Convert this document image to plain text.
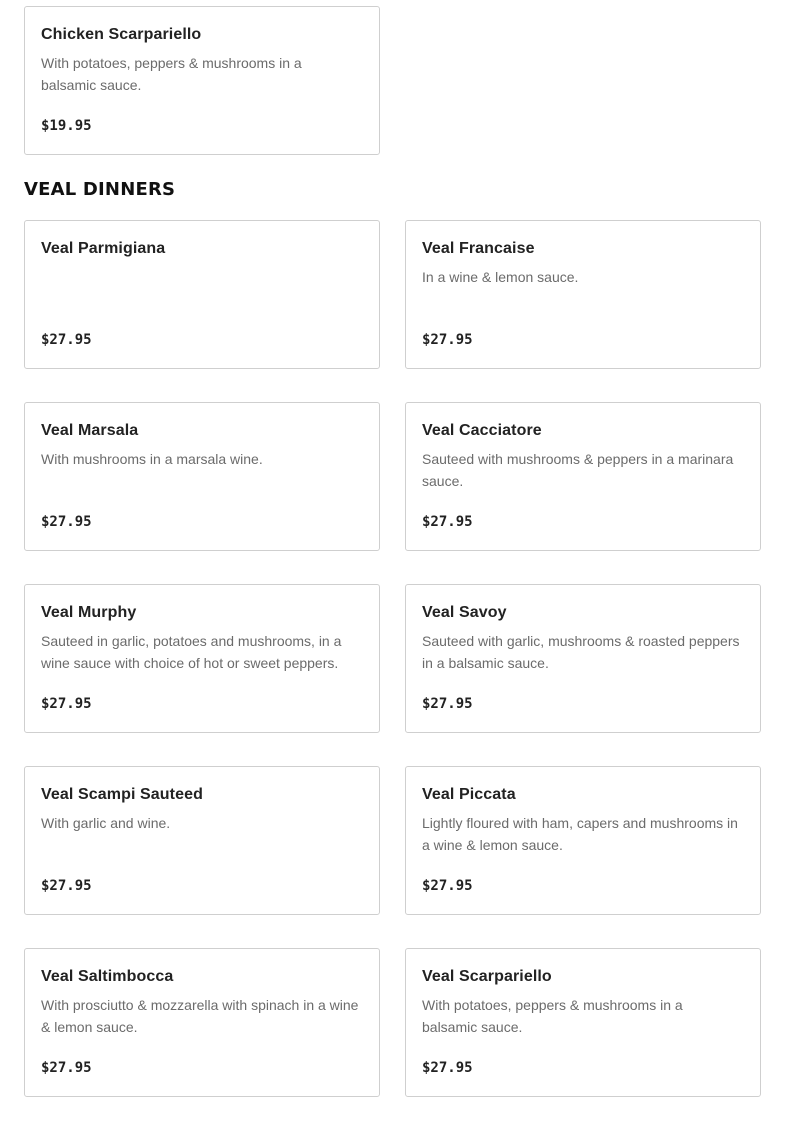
Chicken Scarpariello
With potatoes, peppers & mushrooms in a balsamic sauce.
$19.95
VEAL DINNERS
Veal Parmigiana
$27.95
Veal Francaise
In a wine & lemon sauce.
$27.95
Veal Marsala
With mushrooms in a marsala wine.
$27.95
Veal Cacciatore
Sauteed with mushrooms & peppers in a marinara sauce.
$27.95
Veal Murphy
Sauteed in garlic, potatoes and mushrooms, in a wine sauce with choice of hot or sweet peppers.
$27.95
Veal Savoy
Sauteed with garlic, mushrooms & roasted peppers in a balsamic sauce.
$27.95
Veal Scampi Sauteed
With garlic and wine.
$27.95
Veal Piccata
Lightly floured with ham, capers and mushrooms in a wine & lemon sauce.
$27.95
Veal Saltimbocca
With prosciutto & mozzarella with spinach in a wine & lemon sauce.
$27.95
Veal Scarpariello
With potatoes, peppers & mushrooms in a balsamic sauce.
$27.95
